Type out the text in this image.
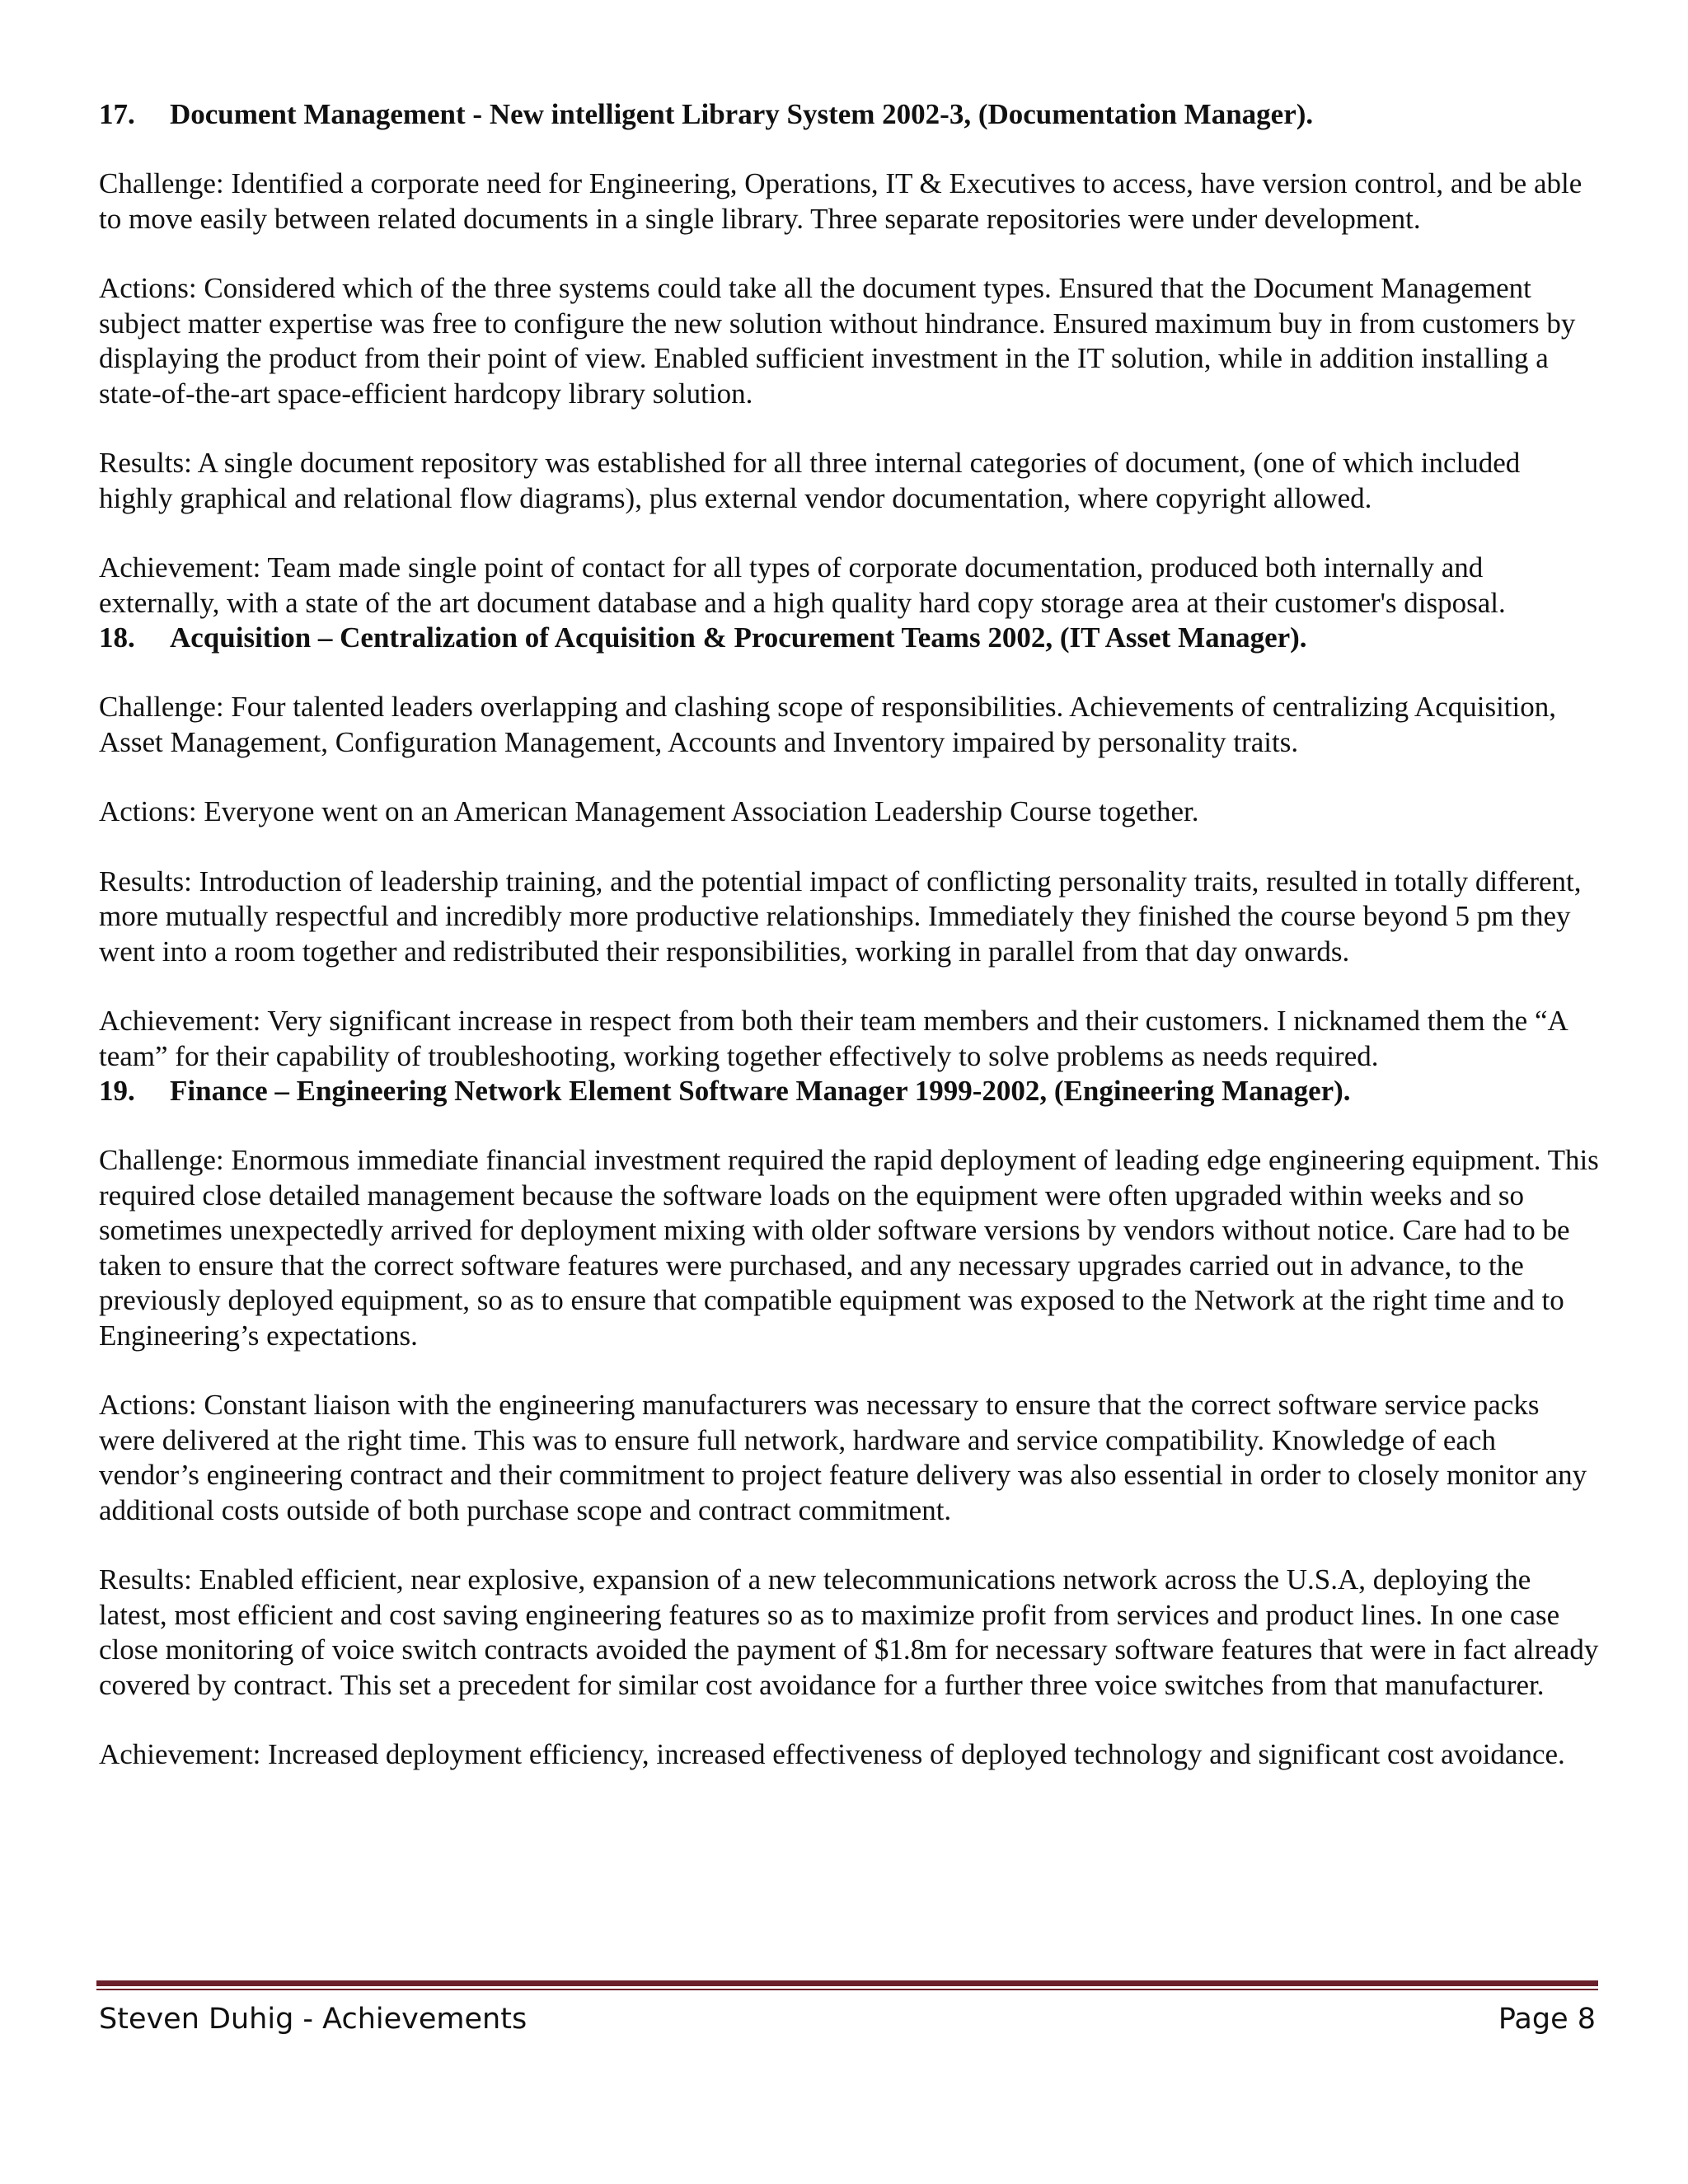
17. Document Management - New intelligent Library System 2002-3, (Documentation Manager).

Challenge: Identified a corporate need for Engineering, Operations, IT & Executives to access, have version control, and be able to move easily between related documents in a single library. Three separate repositories were under development.

Actions: Considered which of the three systems could take all the document types. Ensured that the Document Management subject matter expertise was free to configure the new solution without hindrance. Ensured maximum buy in from customers by displaying the product from their point of view. Enabled sufficient investment in the IT solution, while in addition installing a state-of-the-art space-efficient hardcopy library solution.

Results: A single document repository was established for all three internal categories of document, (one of which included highly graphical and relational flow diagrams), plus external vendor documentation, where copyright allowed.

Achievement: Team made single point of contact for all types of corporate documentation, produced both internally and externally, with a state of the art document database and a high quality hard copy storage area at their customer's disposal.

18. Acquisition – Centralization of Acquisition & Procurement Teams 2002, (IT Asset Manager).

Challenge: Four talented leaders overlapping and clashing scope of responsibilities. Achievements of centralizing Acquisition, Asset Management, Configuration Management, Accounts and Inventory impaired by personality traits.

Actions: Everyone went on an American Management Association Leadership Course together.

Results: Introduction of leadership training, and the potential impact of conflicting personality traits, resulted in totally different, more mutually respectful and incredibly more productive relationships. Immediately they finished the course beyond 5 pm they went into a room together and redistributed their responsibilities, working in parallel from that day onwards.

Achievement: Very significant increase in respect from both their team members and their customers. I nicknamed them the “A team” for their capability of troubleshooting, working together effectively to solve problems as needs required.

19. Finance – Engineering Network Element Software Manager 1999-2002, (Engineering Manager).

Challenge: Enormous immediate financial investment required the rapid deployment of leading edge engineering equipment. This required close detailed management because the software loads on the equipment were often upgraded within weeks and so sometimes unexpectedly arrived for deployment mixing with older software versions by vendors without notice. Care had to be taken to ensure that the correct software features were purchased, and any necessary upgrades carried out in advance, to the previously deployed equipment, so as to ensure that compatible equipment was exposed to the Network at the right time and to Engineering’s expectations.

Actions: Constant liaison with the engineering manufacturers was necessary to ensure that the correct software service packs were delivered at the right time. This was to ensure full network, hardware and service compatibility. Knowledge of each vendor’s engineering contract and their commitment to project feature delivery was also essential in order to closely monitor any additional costs outside of both purchase scope and contract commitment.

Results: Enabled efficient, near explosive, expansion of a new telecommunications network across the U.S.A, deploying the latest, most efficient and cost saving engineering features so as to maximize profit from services and product lines. In one case close monitoring of voice switch contracts avoided the payment of $1.8m for necessary software features that were in fact already covered by contract. This set a precedent for similar cost avoidance for a further three voice switches from that manufacturer.

Achievement: Increased deployment efficiency, increased effectiveness of deployed technology and significant cost avoidance.

Steven Duhig - Achievements	Page 8
